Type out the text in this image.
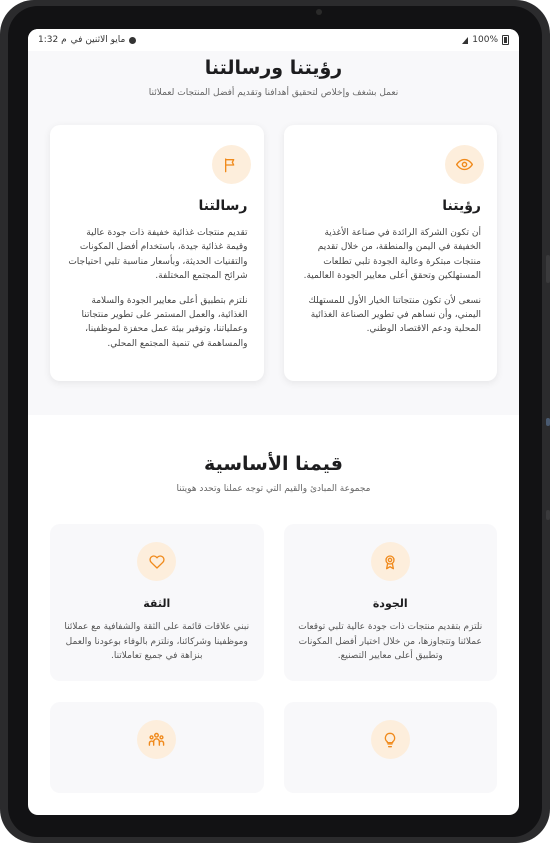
1:32 م مايو الاثنين في	100%
رؤيتنا ورسالتنا

نعمل بشغف وإخلاص لتحقيق أهدافنا وتقديم أفضل المنتجات لعملائنا

رؤيتنا

أن تكون الشركة الرائدة في صناعة الأغذية الخفيفة في اليمن والمنطقة، من خلال تقديم منتجات مبتكرة وعالية الجودة تلبي تطلعات المستهلكين وتحقق أعلى معايير الجودة العالمية.

نسعى لأن تكون منتجاتنا الخيار الأول للمستهلك اليمني، وأن نساهم في تطوير الصناعة الغذائية المحلية ودعم الاقتصاد الوطني.

رسالتنا

تقديم منتجات غذائية خفيفة ذات جودة عالية وقيمة غذائية جيدة، باستخدام أفضل المكونات والتقنيات الحديثة، وبأسعار مناسبة تلبي احتياجات شرائح المجتمع المختلفة.

نلتزم بتطبيق أعلى معايير الجودة والسلامة الغذائية، والعمل المستمر على تطوير منتجاتنا وعملياتنا، وتوفير بيئة عمل محفزة لموظفينا، والمساهمة في تنمية المجتمع المحلي.

قيمنا الأساسية

مجموعة المبادئ والقيم التي توجه عملنا وتحدد هويتنا

الجودة

نلتزم بتقديم منتجات ذات جودة عالية تلبي توقعات عملائنا وتتجاوزها، من خلال اختيار أفضل المكونات وتطبيق أعلى معايير التصنيع.

الثقة

نبني علاقات قائمة على الثقة والشفافية مع عملائنا وموظفينا وشركائنا، ونلتزم بالوفاء بوعودنا والعمل بنزاهة في جميع تعاملاتنا.
